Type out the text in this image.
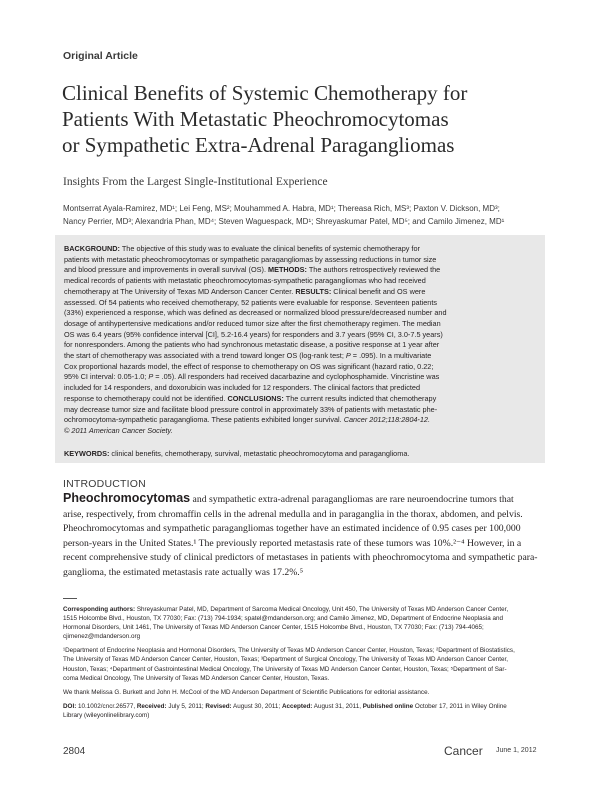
Original Article
Clinical Benefits of Systemic Chemotherapy for
Patients With Metastatic Pheochromocytomas
or Sympathetic Extra-Adrenal Paragangliomas
Insights From the Largest Single-Institutional Experience
Montserrat Ayala-Ramirez, MD¹; Lei Feng, MS²; Mouhammed A. Habra, MD¹; Thereasa Rich, MS³; Paxton V. Dickson, MD³;
Nancy Perrier, MD³; Alexandria Phan, MD⁴; Steven Waguespack, MD¹; Shreyaskumar Patel, MD⁵; and Camilo Jimenez, MD¹
BACKGROUND: The objective of this study was to evaluate the clinical benefits of systemic chemotherapy for
patients with metastatic pheochromocytomas or sympathetic paragangliomas by assessing reductions in tumor size
and blood pressure and improvements in overall survival (OS). METHODS: The authors retrospectively reviewed the
medical records of patients with metastatic pheochromocytomas-sympathetic paragangliomas who had received
chemotherapy at The University of Texas MD Anderson Cancer Center. RESULTS: Clinical benefit and OS were
assessed. Of 54 patients who received chemotherapy, 52 patients were evaluable for response. Seventeen patients
(33%) experienced a response, which was defined as decreased or normalized blood pressure/decreased number and
dosage of antihypertensive medications and/or reduced tumor size after the first chemotherapy regimen. The median
OS was 6.4 years (95% confidence interval [CI], 5.2-16.4 years) for responders and 3.7 years (95% CI, 3.0-7.5 years)
for nonresponders. Among the patients who had synchronous metastatic disease, a positive response at 1 year after
the start of chemotherapy was associated with a trend toward longer OS (log-rank test; P = .095). In a multivariate
Cox proportional hazards model, the effect of response to chemotherapy on OS was significant (hazard ratio, 0.22;
95% CI interval: 0.05-1.0; P = .05). All responders had received dacarbazine and cyclophosphamide. Vincristine was
included for 14 responders, and doxorubicin was included for 12 responders. The clinical factors that predicted
response to chemotherapy could not be identified. CONCLUSIONS: The current results indicted that chemotherapy
may decrease tumor size and facilitate blood pressure control in approximately 33% of patients with metastatic phe-
ochromocytoma-sympathetic paraganglioma. These patients exhibited longer survival. Cancer 2012;118:2804-12.
© 2011 American Cancer Society.
KEYWORDS: clinical benefits, chemotherapy, survival, metastatic pheochromocytoma and paraganglioma.
INTRODUCTION
Pheochromocytomas and sympathetic extra-adrenal paragangliomas are rare neuroendocrine tumors that
arise, respectively, from chromaffin cells in the adrenal medulla and in paraganglia in the thorax, abdomen, and pelvis.
Pheochromocytomas and sympathetic paragangliomas together have an estimated incidence of 0.95 cases per 100,000
person-years in the United States.¹ The previously reported metastasis rate of these tumors was 10%.²⁻⁴ However, in a
recent comprehensive study of clinical predictors of metastases in patients with pheochromocytoma and sympathetic para-
ganglioma, the estimated metastasis rate actually was 17.2%.⁵
Corresponding authors: Shreyaskumar Patel, MD, Department of Sarcoma Medical Oncology, Unit 450, The University of Texas MD Anderson Cancer Center,
1515 Holcombe Blvd., Houston, TX 77030; Fax: (713) 794-1934; spatel@mdanderson.org; and Camilo Jimenez, MD, Department of Endocrine Neoplasia and
Hormonal Disorders, Unit 1461, The University of Texas MD Anderson Cancer Center, 1515 Holcombe Blvd., Houston, TX 77030; Fax: (713) 794-4065;
cjimenez@mdanderson.org
¹Department of Endocrine Neoplasia and Hormonal Disorders, The University of Texas MD Anderson Cancer Center, Houston, Texas; ²Department of Biostatistics,
The University of Texas MD Anderson Cancer Center, Houston, Texas; ³Department of Surgical Oncology, The University of Texas MD Anderson Cancer Center,
Houston, Texas; ⁴Department of Gastrointestinal Medical Oncology, The University of Texas MD Anderson Cancer Center, Houston, Texas; ⁵Department of Sar-
coma Medical Oncology, The University of Texas MD Anderson Cancer Center, Houston, Texas.
We thank Melissa G. Burkett and John H. McCool of the MD Anderson Department of Scientific Publications for editorial assistance.
DOI: 10.1002/cncr.26577, Received: July 5, 2011; Revised: August 30, 2011; Accepted: August 31, 2011, Published online October 17, 2011 in Wiley Online
Library (wileyonlinelibrary.com)
2804	Cancer June 1, 2012
